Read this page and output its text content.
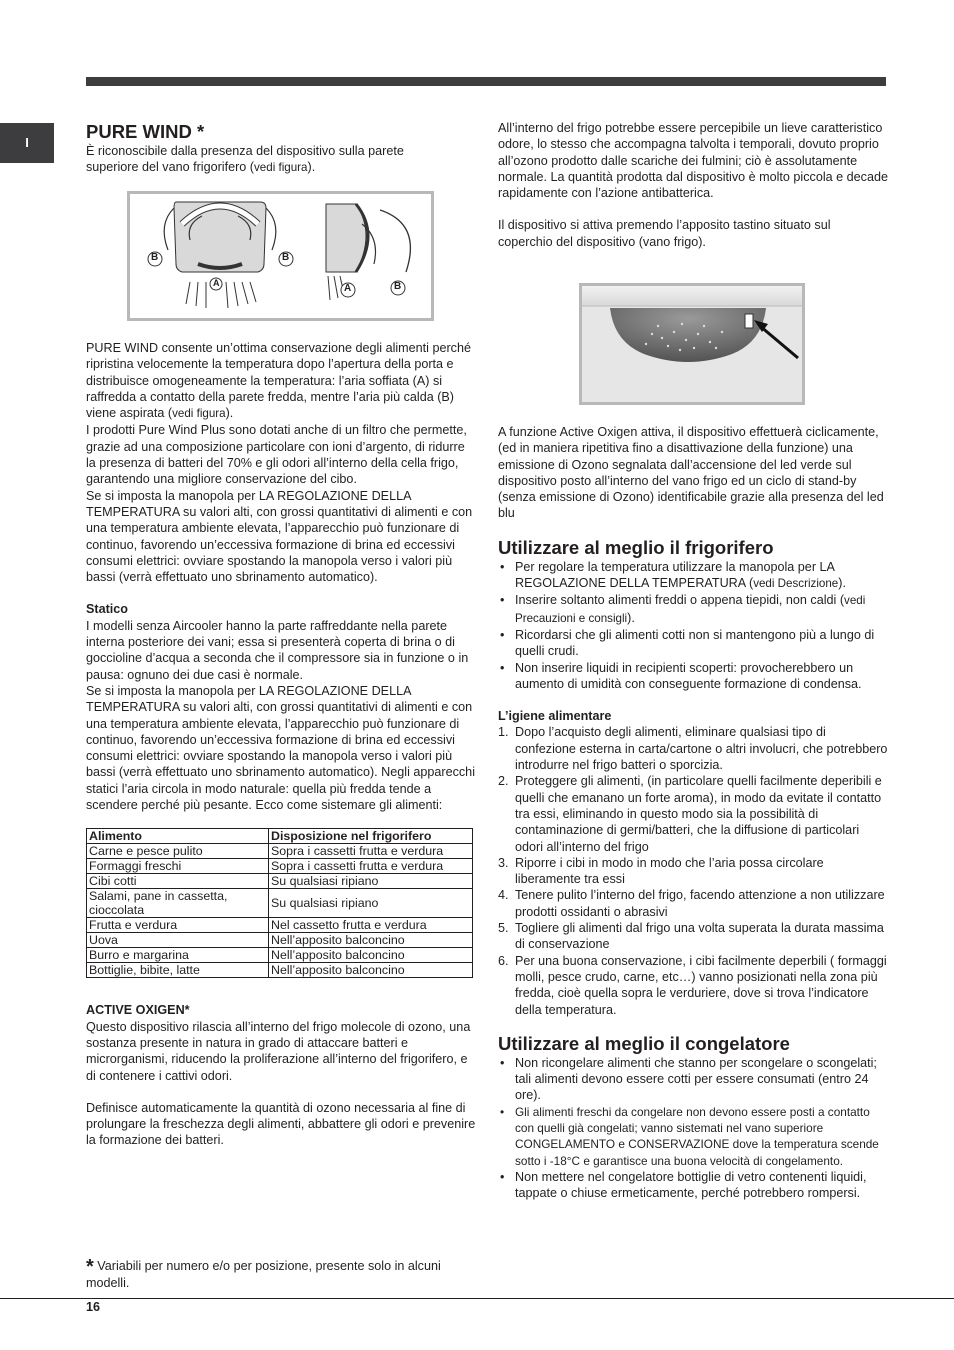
I
PURE WIND *
È riconoscibile dalla presenza del dispositivo sulla parete superiore del vano frigorifero (vedi figura).
B	B
A	A	B
PURE WIND consente un’ottima conservazione degli alimenti perché ripristina velocemente la temperatura dopo l’apertura della porta e distribuisce omogeneamente la temperatura: l’aria soffiata (A) si raffredda a contatto della parete fredda, mentre l’aria più calda (B) viene aspirata (vedi figura).
I prodotti Pure Wind Plus sono dotati anche di un filtro che permette, grazie ad una composizione particolare con ioni d’argento, di ridurre la presenza di batteri del 70% e gli odori all’interno della cella frigo, garantendo una migliore conservazione del cibo.
Se si imposta la manopola per LA REGOLAZIONE DELLA TEMPERATURA su valori alti, con grossi quantitativi di alimenti e con una temperatura ambiente elevata, l’apparecchio può funzionare di continuo, favorendo un’eccessiva formazione di brina ed eccessivi consumi elettrici: ovviare spostando la manopola verso i valori più bassi (verrà effettuato uno sbrinamento automatico).
Statico
I modelli senza Aircooler hanno la parte raffreddante nella parete interna posteriore dei vani; essa si presenterà coperta di brina o di goccioline d’acqua a seconda che il compressore sia in funzione o in pausa: ognuno dei due casi è normale.
Se si imposta la manopola per LA REGOLAZIONE DELLA TEMPERATURA su valori alti, con grossi quantitativi di alimenti e con una temperatura ambiente elevata, l’apparecchio può funzionare di continuo, favorendo un’eccessiva formazione di brina ed eccessivi consumi elettrici: ovviare spostando la manopola verso i valori più bassi (verrà effettuato uno sbrinamento automatico). Negli apparecchi statici l’aria circola in modo naturale: quella più fredda tende a scendere perché più pesante. Ecco come sistemare gli alimenti:
Alimento	Disposizione nel frigorifero
Carne e pesce pulito	Sopra i cassetti frutta e verdura
Formaggi freschi	Sopra i cassetti frutta e verdura
Cibi cotti	Su qualsiasi ripiano
Salami, pane in cassetta, cioccolata	Su qualsiasi ripiano
Frutta e verdura	Nel cassetto frutta e verdura
Uova	Nell’apposito balconcino
Burro e margarina	Nell’apposito balconcino
Bottiglie, bibite, latte	Nell’apposito balconcino
ACTIVE OXIGEN*
Questo dispositivo rilascia all’interno del frigo molecole di ozono, una sostanza presente in natura in grado di attaccare batteri e microrganismi, riducendo la proliferazione all’interno del frigorifero, e di contenere i cattivi odori.
Definisce automaticamente la quantità di ozono necessaria al fine di prolungare la freschezza degli alimenti, abbattere gli odori e prevenire la formazione dei batteri.
* Variabili per numero e/o per posizione, presente solo in alcuni modelli.
All’interno del frigo potrebbe essere percepibile un lieve caratteristico odore, lo stesso che accompagna talvolta i temporali, dovuto proprio all’ozono prodotto dalle scariche dei fulmini; ciò è assolutamente normale. La quantità prodotta dal dispositivo è molto piccola e decade rapidamente con l’azione antibatterica.
Il dispositivo si attiva premendo l’apposito tastino situato sul coperchio del dispositivo (vano frigo).
A funzione Active Oxigen attiva, il dispositivo effettuerà ciclicamente, (ed in maniera ripetitiva fino a disattivazione della funzione) una emissione di Ozono segnalata dall’accensione del led verde sul dispositivo posto all’interno del vano frigo ed un ciclo di stand-by (senza emissione di Ozono) identificabile grazie alla presenza del led blu
Utilizzare al meglio il frigorifero
• Per regolare la temperatura utilizzare la manopola per LA REGOLAZIONE DELLA TEMPERATURA (vedi Descrizione).
• Inserire soltanto alimenti freddi o appena tiepidi, non caldi (vedi Precauzioni e consigli).
• Ricordarsi che gli alimenti cotti non si mantengono più a lungo di quelli crudi.
• Non inserire liquidi in recipienti scoperti: provocherebbero un aumento di umidità con conseguente formazione di condensa.
L’igiene alimentare
1. Dopo l’acquisto degli alimenti, eliminare qualsiasi tipo di confezione esterna in carta/cartone o altri involucri, che potrebbero introdurre nel frigo batteri o sporcizia.
2. Proteggere gli alimenti, (in particolare quelli facilmente deperibili e quelli che emanano un forte aroma), in modo da evitate il contatto tra essi, eliminando in questo modo sia la possibilità di contaminazione di germi/batteri, che la diffusione di particolari odori all’interno del frigo
3. Riporre i cibi in modo in modo che l’aria possa circolare liberamente tra essi
4. Tenere pulito l’interno del frigo, facendo attenzione a non utilizzare prodotti ossidanti o abrasivi
5. Togliere gli alimenti dal frigo una volta superata la durata massima di conservazione
6. Per una buona conservazione, i cibi facilmente deperbili ( formaggi molli, pesce crudo, carne, etc…) vanno posizionati nella zona più fredda, cioè quella sopra le verduriere, dove si trova l’indicatore della temperatura.
Utilizzare al meglio il congelatore
• Non ricongelare alimenti che stanno per scongelare o scongelati; tali alimenti devono essere cotti per essere consumati (entro 24 ore).
• Gli alimenti freschi da congelare non devono essere posti a contatto con quelli già congelati; vanno sistemati nel vano superiore CONGELAMENTO e CONSERVAZIONE dove la temperatura scende sotto i -18°C e garantisce una buona velocità di congelamento.
• Non mettere nel congelatore bottiglie di vetro contenenti liquidi, tappate o chiuse ermeticamente, perché potrebbero rompersi.
16
